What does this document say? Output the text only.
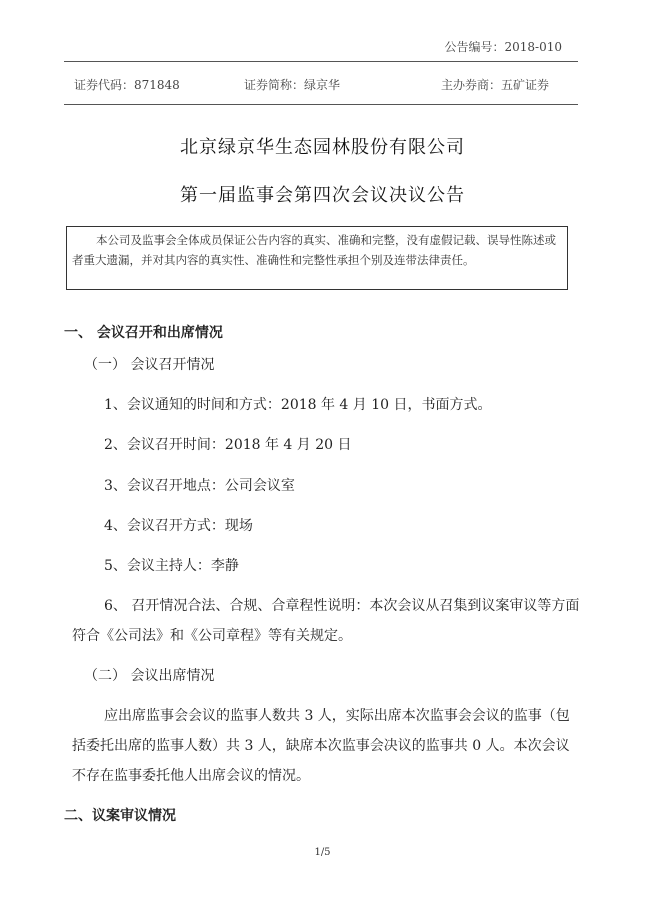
公告编号：2018-010
证券代码：871848	证券简称：绿京华	主办券商：五矿证券
北京绿京华生态园林股份有限公司
第一届监事会第四次会议决议公告
本公司及监事会全体成员保证公告内容的真实、准确和完整，没有虚假记载、误导性陈述或者重大遗漏，并对其内容的真实性、准确性和完整性承担个别及连带法律责任。
一、 会议召开和出席情况
（一） 会议召开情况
1、会议通知的时间和方式：2018 年 4 月 10 日，书面方式。
2、会议召开时间：2018 年 4 月 20 日
3、会议召开地点：公司会议室
4、会议召开方式：现场
5、会议主持人：李静
6、 召开情况合法、合规、合章程性说明：本次会议从召集到议案审议等方面符合《公司法》和《公司章程》等有关规定。
（二） 会议出席情况
应出席监事会会议的监事人数共 3 人，实际出席本次监事会会议的监事（包括委托出席的监事人数）共 3 人，缺席本次监事会决议的监事共 0 人。本次会议不存在监事委托他人出席会议的情况。
二、议案审议情况
1/5
